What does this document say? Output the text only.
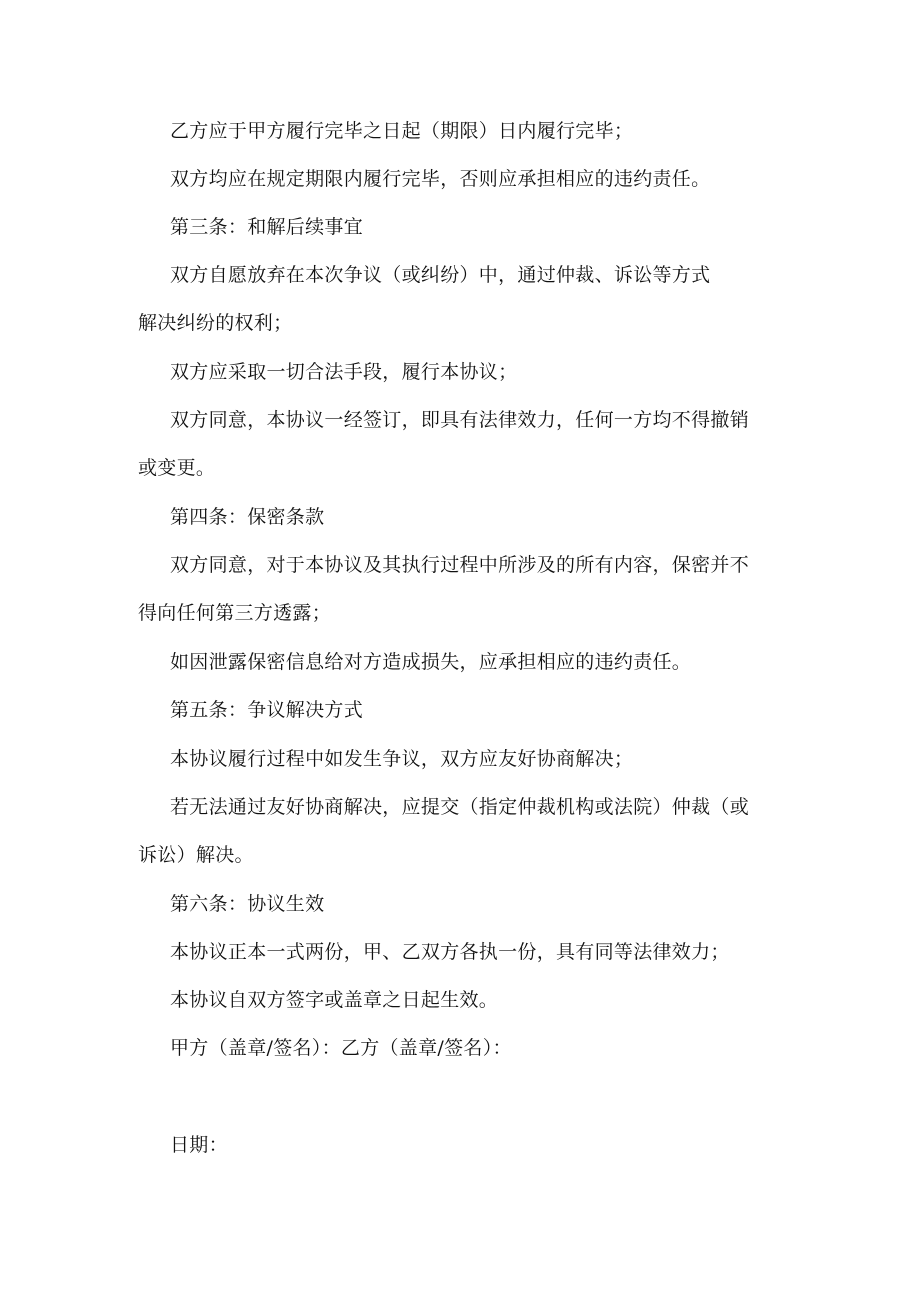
乙方应于甲方履行完毕之日起（期限）日内履行完毕；
双方均应在规定期限内履行完毕，否则应承担相应的违约责任。
第三条：和解后续事宜
双方自愿放弃在本次争议（或纠纷）中，通过仲裁、诉讼等方式
解决纠纷的权利；
双方应采取一切合法手段，履行本协议；
双方同意，本协议一经签订，即具有法律效力，任何一方均不得撤销
或变更。
第四条：保密条款
双方同意，对于本协议及其执行过程中所涉及的所有内容，保密并不
得向任何第三方透露；
如因泄露保密信息给对方造成损失，应承担相应的违约责任。
第五条：争议解决方式
本协议履行过程中如发生争议，双方应友好协商解决；
若无法通过友好协商解决，应提交（指定仲裁机构或法院）仲裁（或
诉讼）解决。
第六条：协议生效
本协议正本一式两份，甲、乙双方各执一份，具有同等法律效力；
本协议自双方签字或盖章之日起生效。
甲方（盖章/签名）：乙方（盖章/签名）：
日期：
